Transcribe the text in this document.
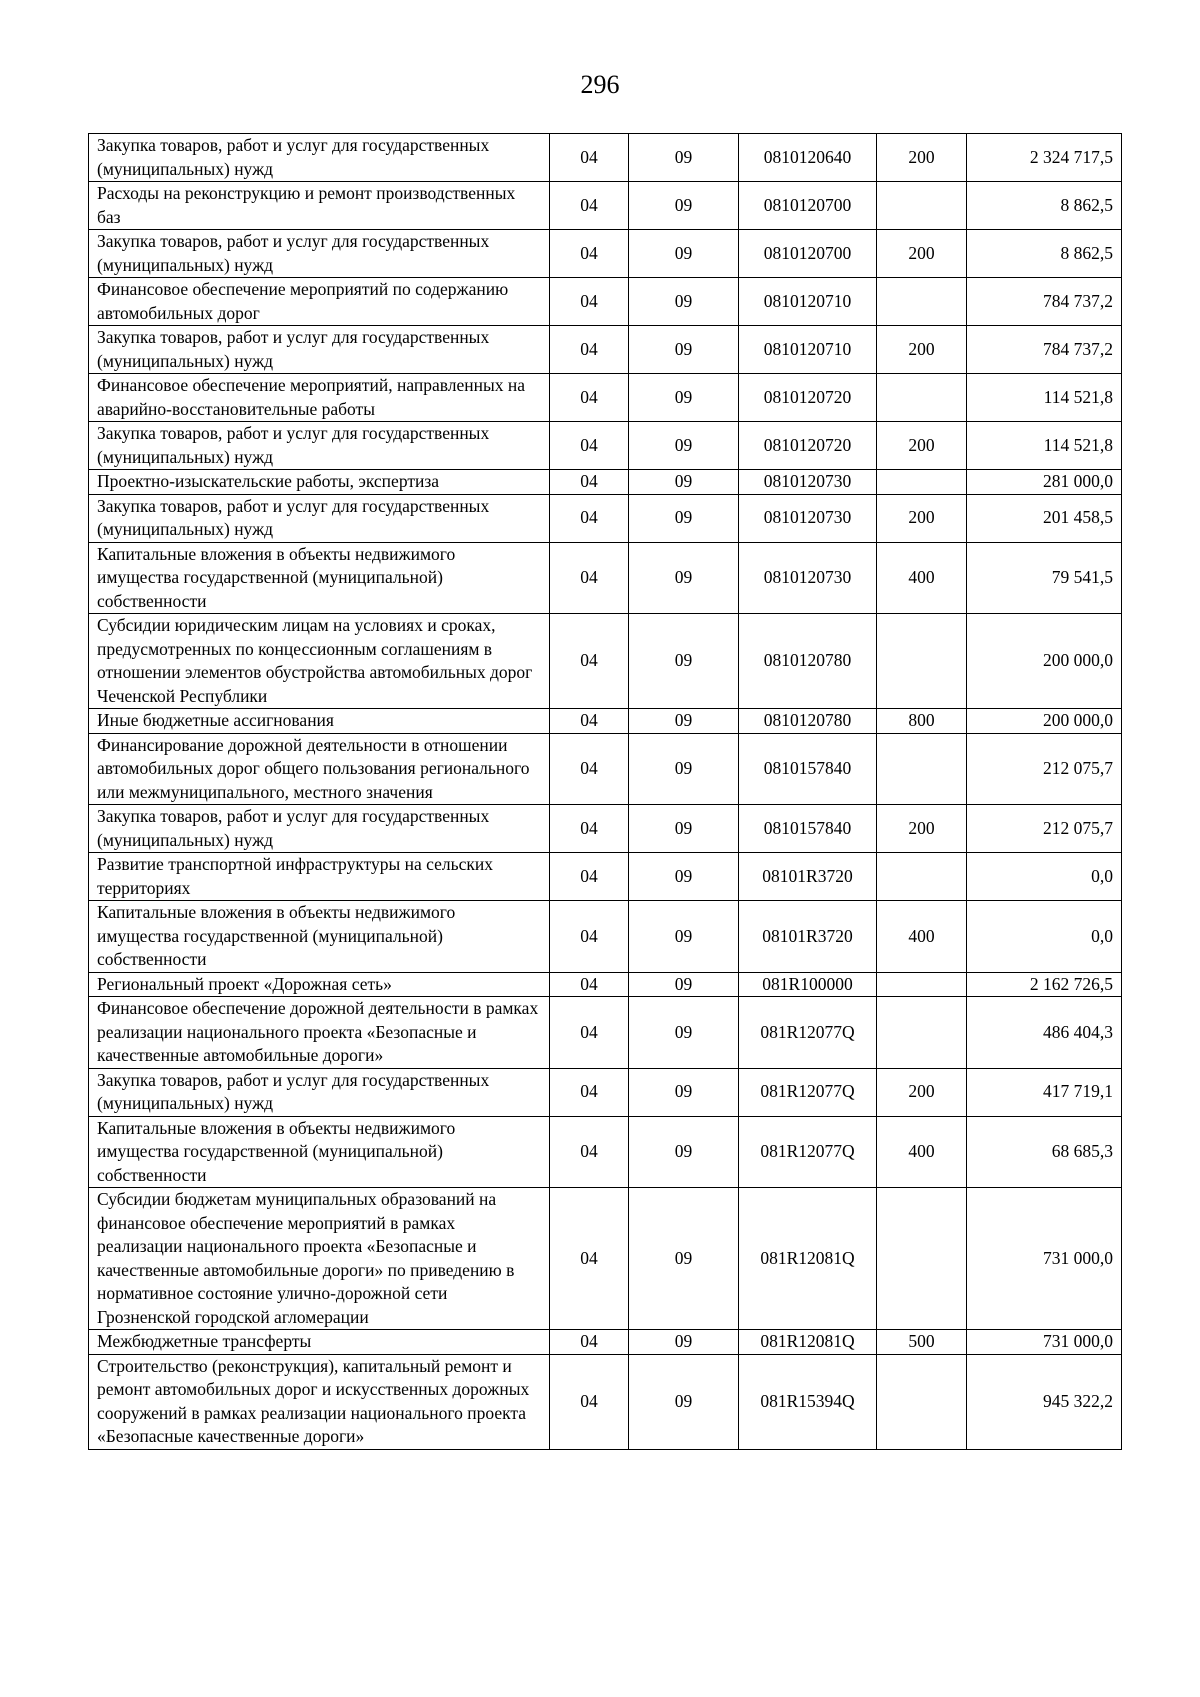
296
Закупка товаров, работ и услуг для государственных (муниципальных) нужд	04	09	0810120640	200	2 324 717,5
Расходы на реконструкцию и ремонт производственных баз	04	09	0810120700		8 862,5
Закупка товаров, работ и услуг для государственных (муниципальных) нужд	04	09	0810120700	200	8 862,5
Финансовое обеспечение мероприятий по содержанию автомобильных дорог	04	09	0810120710		784 737,2
Закупка товаров, работ и услуг для государственных (муниципальных) нужд	04	09	0810120710	200	784 737,2
Финансовое обеспечение мероприятий, направленных на аварийно-восстановительные работы	04	09	0810120720		114 521,8
Закупка товаров, работ и услуг для государственных (муниципальных) нужд	04	09	0810120720	200	114 521,8
Проектно-изыскательские работы, экспертиза	04	09	0810120730		281 000,0
Закупка товаров, работ и услуг для государственных (муниципальных) нужд	04	09	0810120730	200	201 458,5
Капитальные вложения в объекты недвижимого имущества государственной (муниципальной) собственности	04	09	0810120730	400	79 541,5
Субсидии юридическим лицам на условиях и сроках, предусмотренных по концессионным соглашениям в отношении элементов обустройства автомобильных дорог Чеченской Республики	04	09	0810120780		200 000,0
Иные бюджетные ассигнования	04	09	0810120780	800	200 000,0
Финансирование дорожной деятельности в отношении автомобильных дорог общего пользования регионального или межмуниципального, местного значения	04	09	0810157840		212 075,7
Закупка товаров, работ и услуг для государственных (муниципальных) нужд	04	09	0810157840	200	212 075,7
Развитие транспортной инфраструктуры на сельских территориях	04	09	08101R3720		0,0
Капитальные вложения в объекты недвижимого имущества государственной (муниципальной) собственности	04	09	08101R3720	400	0,0
Региональный проект «Дорожная сеть»	04	09	081R100000		2 162 726,5
Финансовое обеспечение дорожной деятельности в рамках реализации национального проекта «Безопасные и качественные автомобильные дороги»	04	09	081R12077Q		486 404,3
Закупка товаров, работ и услуг для государственных (муниципальных) нужд	04	09	081R12077Q	200	417 719,1
Капитальные вложения в объекты недвижимого имущества государственной (муниципальной) собственности	04	09	081R12077Q	400	68 685,3
Субсидии бюджетам муниципальных образований на финансовое обеспечение мероприятий в рамках реализации национального проекта «Безопасные и качественные автомобильные дороги» по приведению в нормативное состояние улично-дорожной сети Грозненской городской агломерации	04	09	081R12081Q		731 000,0
Межбюджетные трансферты	04	09	081R12081Q	500	731 000,0
Строительство (реконструкция), капитальный ремонт и ремонт автомобильных дорог и искусственных дорожных сооружений в рамках реализации национального проекта «Безопасные качественные дороги»	04	09	081R15394Q		945 322,2
